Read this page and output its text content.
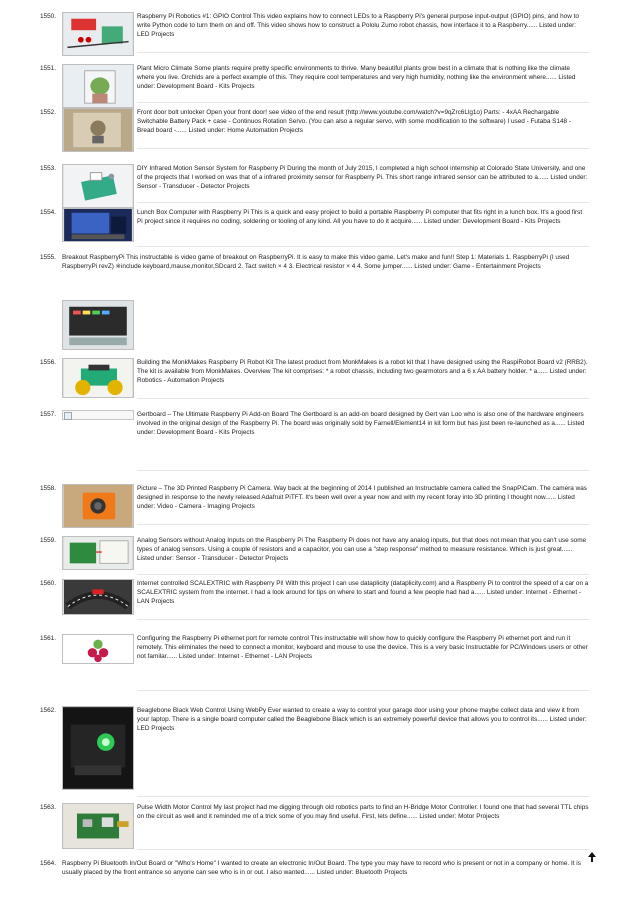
1550.	Raspberry Pi Robotics #1: GPIO Control This video explains how to connect LEDs to a Raspberry Pi's general purpose input-output (GPIO) pins, and how to write Python code to turn them on and off. This video shows how to construct a Pololu Zumo robot chassis, how interface it to a Raspberry...... Listed under: LED Projects
1551.	Plant Micro Climate Some plants require pretty specific environments to thrive. Many beautiful plants grow best in a climate that is nothing like the climate where you live. Orchids are a perfect example of this. They require cool temperatures and very high humidity, nothing like the environment where...... Listed under: Development Board - Kits Projects
1552.	Front door bolt unlocker Open your front door! see video of the end result (http://www.youtube.com/watch?v=9qZrc6Llg1o) Parts: - 4xAA Rechargable Switchable Battery Pack + case - Continuos Rotation Servo. (You can also a regular servo, with some modification to the software) I used - Futaba S148 - Bread board -...... Listed under: Home Automation Projects
1553.	DIY Infrared Motion Sensor System for Raspberry Pi During the month of July 2015, I completed a high school internship at Colorado State University, and one of the projects that I worked on was that of a infrared proximity sensor for Raspberry Pi. This short range infrared sensor can be attributed to a...... Listed under: Sensor - Transducer - Detector Projects
1554.	Lunch Box Computer with Raspberry Pi This is a quick and easy project to build a portable Raspberry Pi computer that fits right in a lunch box. It's a good first Pi project since it requires no coding, soldering or tooling of any kind. All you have to do it acquire...... Listed under: Development Board - Kits Projects
1555. Breakout RaspberryPi This instructable is video game of breakout on RaspberryPi. It is easy to make this video game. Let's make and fun!! Step 1: Materials 1. RaspberryPi (I used RaspberryPi revZ) ※include keyboard,mause,monitor,SDcard 2. Tact switch × 4 3. Electrical resistor × 4 4. Some jumper...... Listed under: Game - Entertainment Projects
1556.	Building the MonkMakes Raspberry Pi Robot Kit The latest product from MonkMakes is a robot kit that I have designed using the RaspiRobot Board v2 (RRB2). The kit is available from MonkMakes. Overview The kit comprises: * a robot chassis, including two gearmotors and a 6 x AA battery holder. * a...... Listed under: Robotics - Automation Projects
1557.	Gertboard – The Ultimate Raspberry Pi Add-on Board The Gertboard is an add-on board designed by Gert van Loo who is also one of the hardware engineers involved in the original design of the Raspberry Pi. The board was originally sold by Farnell/Element14 in kit form but has just been re-launched as a...... Listed under: Development Board - Kits Projects
1558.	Picture – The 3D Printed Raspberry Pi Camera. Way back at the beginning of 2014 I published an Instructable camera called the SnapPiCam. The camera was designed in response to the newly released Adafruit PiTFT. It's been well over a year now and with my recent foray into 3D printing I thought now...... Listed under: Video - Camera - Imaging Projects
1559.	Analog Sensors without Analog Inputs on the Raspberry Pi The Raspberry Pi does not have any analog inputs, but that does not mean that you can't use some types of analog sensors. Using a couple of resistors and a capacitor, you can use a "step response" method to measure resistance. Which is just great...... Listed under: Sensor - Transducer - Detector Projects
1560.	Internet controlled SCALEXTRIC with Raspberry Pi! With this project I can use dataplicity (dataplicity.com) and a Raspberry Pi to control the speed of a car on a SCALEXTRIC system from the internet. I had a look around for tips on where to start and found a few people had had a...... Listed under: Internet - Ethernet - LAN Projects
1561.	Configuring the Raspberry Pi ethernet port for remote control This instructable will show how to quickly configure the Raspberry Pi ethernet port and run it remotely. This eliminates the need to connect a monitor, keyboard and mouse to use the device. This is a very basic Instructable for PC/Windows users or other not familar...... Listed under: Internet - Ethernet - LAN Projects
1562.	Beaglebone Black Web Control Using WebPy Ever wanted to create a way to control your garage door using your phone maybe collect data and view it from your laptop. There is a single board computer called the Beaglebone Black which is an extremely powerful device that allows you to control its...... Listed under: LED Projects
1563.	Pulse Width Motor Control My last project had me digging through old robotics parts to find an H-Bridge Motor Controller. I found one that had several TTL chips on the circuit as well and it reminded me of a trick some of you may find useful. First, lets define...... Listed under: Motor Projects
1564. Raspberry Pi Bluetooth In/Out Board or "Who's Home" I wanted to create an electronic In/Out Board. The type you may have to record who is present or not in a company or home. It is usually placed by the front entrance so anyone can see who is in or out. I also wanted...... Listed under: Bluetooth Projects
